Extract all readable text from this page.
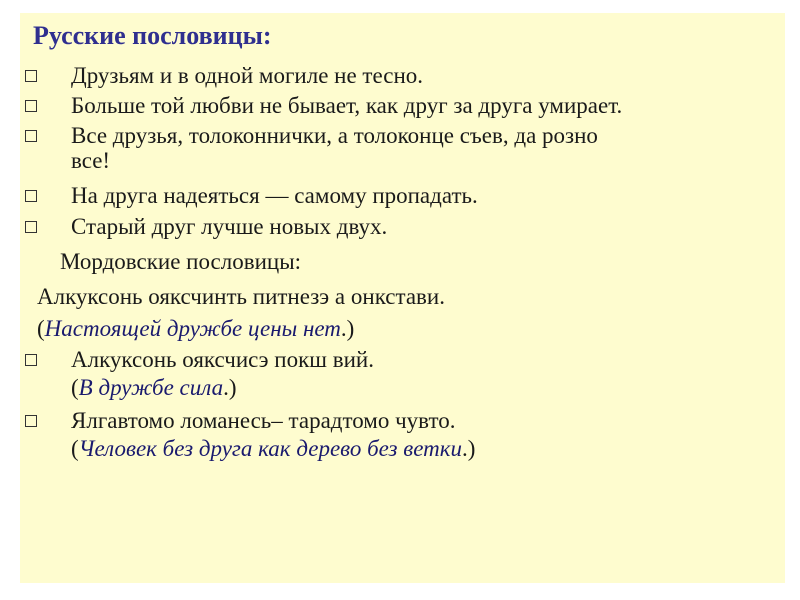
Русские пословицы:
Друзьям и в одной могиле не тесно.
Больше той любви не бывает, как друг за друга умирает.
Все друзья, толоконнички, а толоконце съев, да розно
все!
На друга надеяться — самому пропадать.
Старый друг лучше новых двух.
Мордовские пословицы:
Алкуксонь ояксчинть питнезэ а онкстави.
(Настоящей дружбе цены нет.)
Алкуксонь ояксчисэ покш вий.
(В дружбе сила.)
Ялгавтомо ломанесь– тарадтомо чувто.
(Человек без друга как дерево без ветки.)
